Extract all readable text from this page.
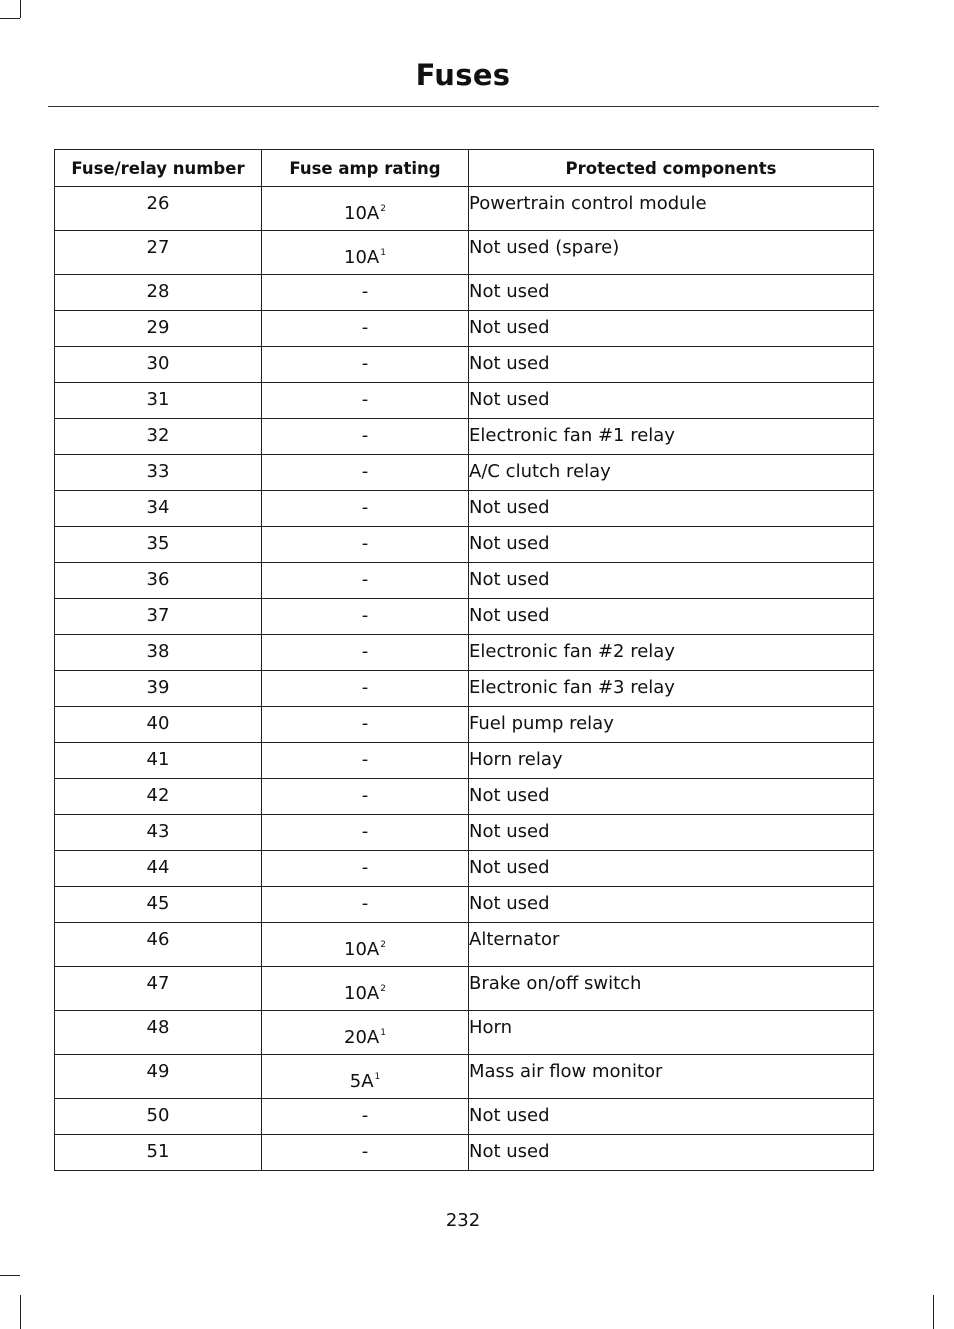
Fuses
Fuse/relay number	Fuse amp rating	Protected components
26	$10A^2$	Powertrain control module
27	$10A^1$	Not used (spare)
28	-	Not used
29	-	Not used
30	-	Not used
31	-	Not used
32	-	Electronic fan #1 relay
33	-	A/C clutch relay
34	-	Not used
35	-	Not used
36	-	Not used
37	-	Not used
38	-	Electronic fan #2 relay
39	-	Electronic fan #3 relay
40	-	Fuel pump relay
41	-	Horn relay
42	-	Not used
43	-	Not used
44	-	Not used
45	-	Not used
46	$10A^2$	Alternator
47	$10A^2$	Brake on/off switch
48	$20A^1$	Horn
49	$5A^1$	Mass air flow monitor
50	-	Not used
51	-	Not used
232
